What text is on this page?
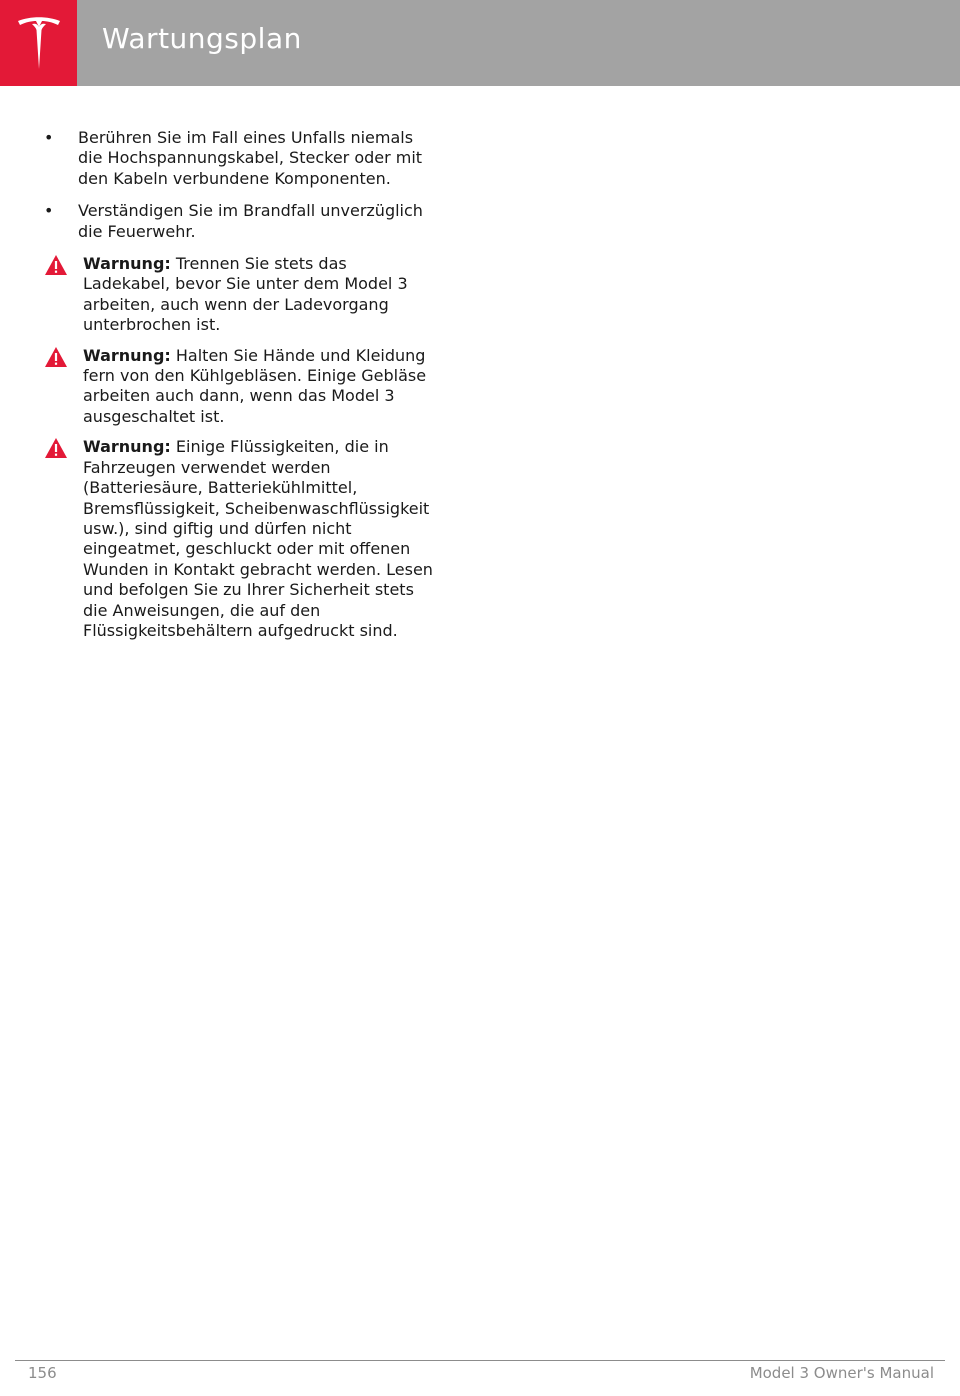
Wartungsplan
• Berühren Sie im Fall eines Unfalls niemals die Hochspannungskabel, Stecker oder mit den Kabeln verbundene Komponenten.
• Verständigen Sie im Brandfall unverzüglich die Feuerwehr.
Warnung: Trennen Sie stets das Ladekabel, bevor Sie unter dem Model 3 arbeiten, auch wenn der Ladevorgang unterbrochen ist.
Warnung: Halten Sie Hände und Kleidung fern von den Kühlgebläsen. Einige Gebläse arbeiten auch dann, wenn das Model 3 ausgeschaltet ist.
Warnung: Einige Flüssigkeiten, die in Fahrzeugen verwendet werden (Batteriesäure, Batteriekühlmittel, Bremsflüssigkeit, Scheibenwaschflüssigkeit usw.), sind giftig und dürfen nicht eingeatmet, geschluckt oder mit offenen Wunden in Kontakt gebracht werden. Lesen und befolgen Sie zu Ihrer Sicherheit stets die Anweisungen, die auf den Flüssigkeitsbehältern aufgedruckt sind.
156	Model 3 Owner's Manual
